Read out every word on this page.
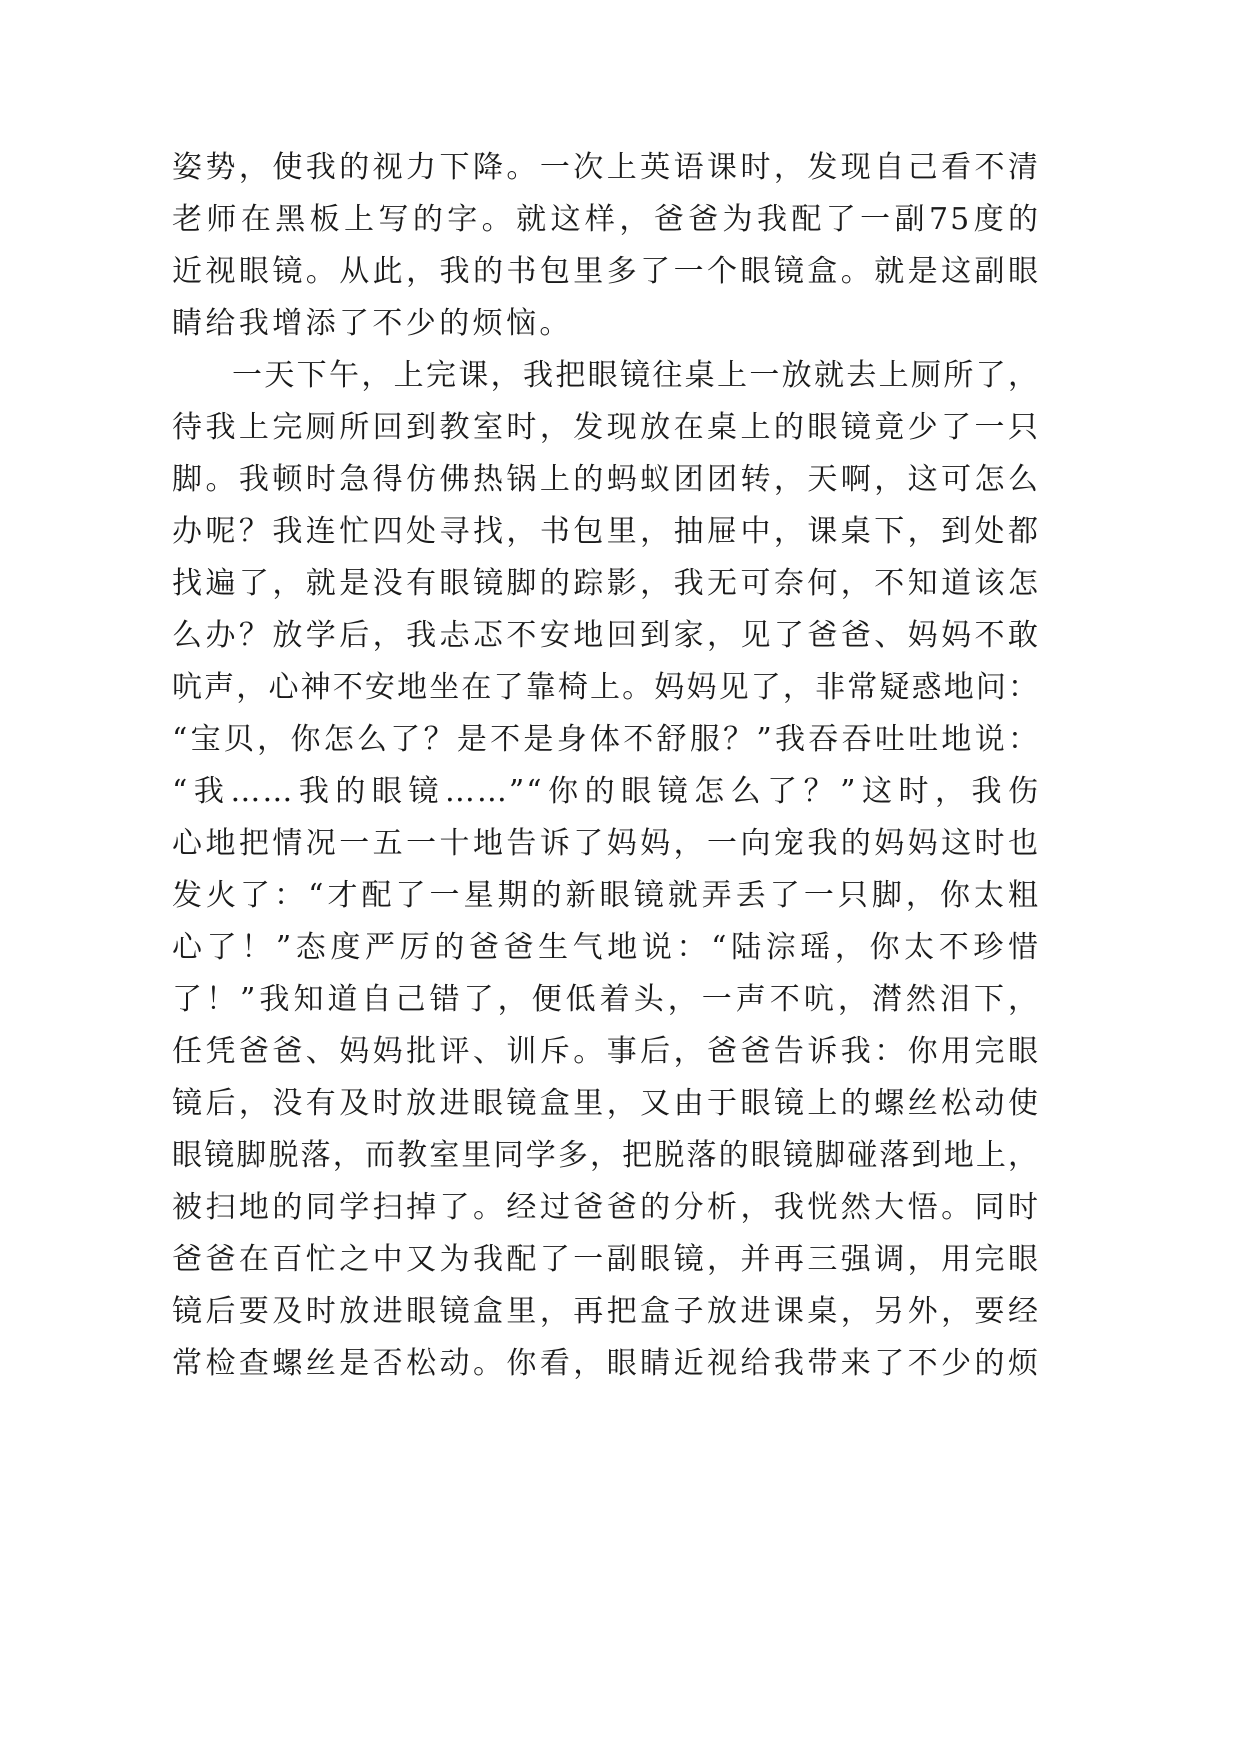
姿势，使我的视力下降。一次上英语课时，发现自己看不清
老师在黑板上写的字。就这样，爸爸为我配了一副75度的
近视眼镜。从此，我的书包里多了一个眼镜盒。就是这副眼
睛给我增添了不少的烦恼。
一天下午，上完课，我把眼镜往桌上一放就去上厕所了，
待我上完厕所回到教室时，发现放在桌上的眼镜竟少了一只
脚。我顿时急得仿佛热锅上的蚂蚁团团转，天啊，这可怎么
办呢？我连忙四处寻找，书包里，抽屉中，课桌下，到处都
找遍了，就是没有眼镜脚的踪影，我无可奈何，不知道该怎
么办？放学后，我忐忑不安地回到家，见了爸爸、妈妈不敢
吭声，心神不安地坐在了靠椅上。妈妈见了，非常疑惑地问：
“宝贝，你怎么了？是不是身体不舒服？”我吞吞吐吐地说：
“我……我的眼镜……”“你的眼镜怎么了？”这时，我伤
心地把情况一五一十地告诉了妈妈，一向宠我的妈妈这时也
发火了：“才配了一星期的新眼镜就弄丢了一只脚，你太粗
心了！”态度严厉的爸爸生气地说：“陆淙瑶，你太不珍惜
了！”我知道自己错了，便低着头，一声不吭，潸然泪下，
任凭爸爸、妈妈批评、训斥。事后，爸爸告诉我：你用完眼
镜后，没有及时放进眼镜盒里，又由于眼镜上的螺丝松动使
眼镜脚脱落，而教室里同学多，把脱落的眼镜脚碰落到地上，
被扫地的同学扫掉了。经过爸爸的分析，我恍然大悟。同时
爸爸在百忙之中又为我配了一副眼镜，并再三强调，用完眼
镜后要及时放进眼镜盒里，再把盒子放进课桌，另外，要经
常检查螺丝是否松动。你看，眼睛近视给我带来了不少的烦
